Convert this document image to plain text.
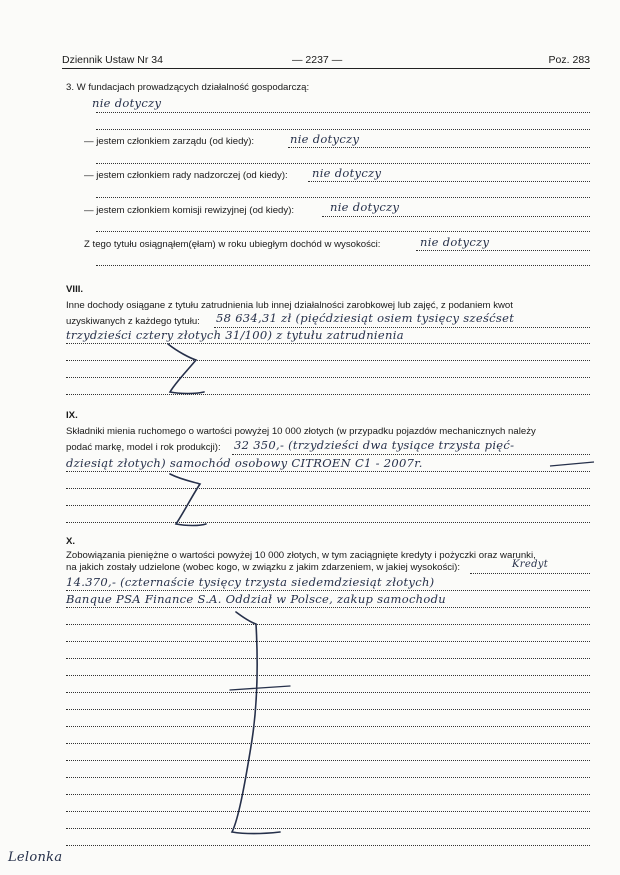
Dziennik Ustaw Nr 34	— 2237 —	Poz. 283
3. W fundacjach prowadzących działalność gospodarczą:
nie dotyczy
— jestem członkiem zarządu (od kiedy):	nie dotyczy
— jestem członkiem rady nadzorczej (od kiedy): nie dotyczy
— jestem członkiem komisji rewizyjnej (od kiedy):	nie dotyczy
Z tego tytułu osiągnąłem(ęłam) w roku ubiegłym dochód w wysokości:	nie dotyczy
VIII.
Inne dochody osiągane z tytułu zatrudnienia lub innej działalności zarobkowej lub zajęć, z podaniem kwot
uzyskiwanych z każdego tytułu: 58 634,31 zł (pięćdziesiąt osiem tysięcy sześćset
trzydzieści cztery złotych 31/100) z tytułu zatrudnienia
IX.
Składniki mienia ruchomego o wartości powyżej 10 000 złotych (w przypadku pojazdów mechanicznych należy
podać markę, model i rok produkcji): 32 350,- (trzydzieści dwa tysiące trzysta pięć-
dziesiąt złotych) samochód osobowy CITROEN C1 - 2007r.
X.
Zobowiązania pieniężne o wartości powyżej 10 000 złotych, w tym zaciągnięte kredyty i pożyczki oraz warunki,
na jakich zostały udzielone (wobec kogo, w związku z jakim zdarzeniem, w jakiej wysokości):	Kredyt
14.370,- (czternaście tysięcy trzysta siedemdziesiąt złotych)
Banque PSA Finance S.A. Oddział w Polsce, zakup samochodu
Lelonka
